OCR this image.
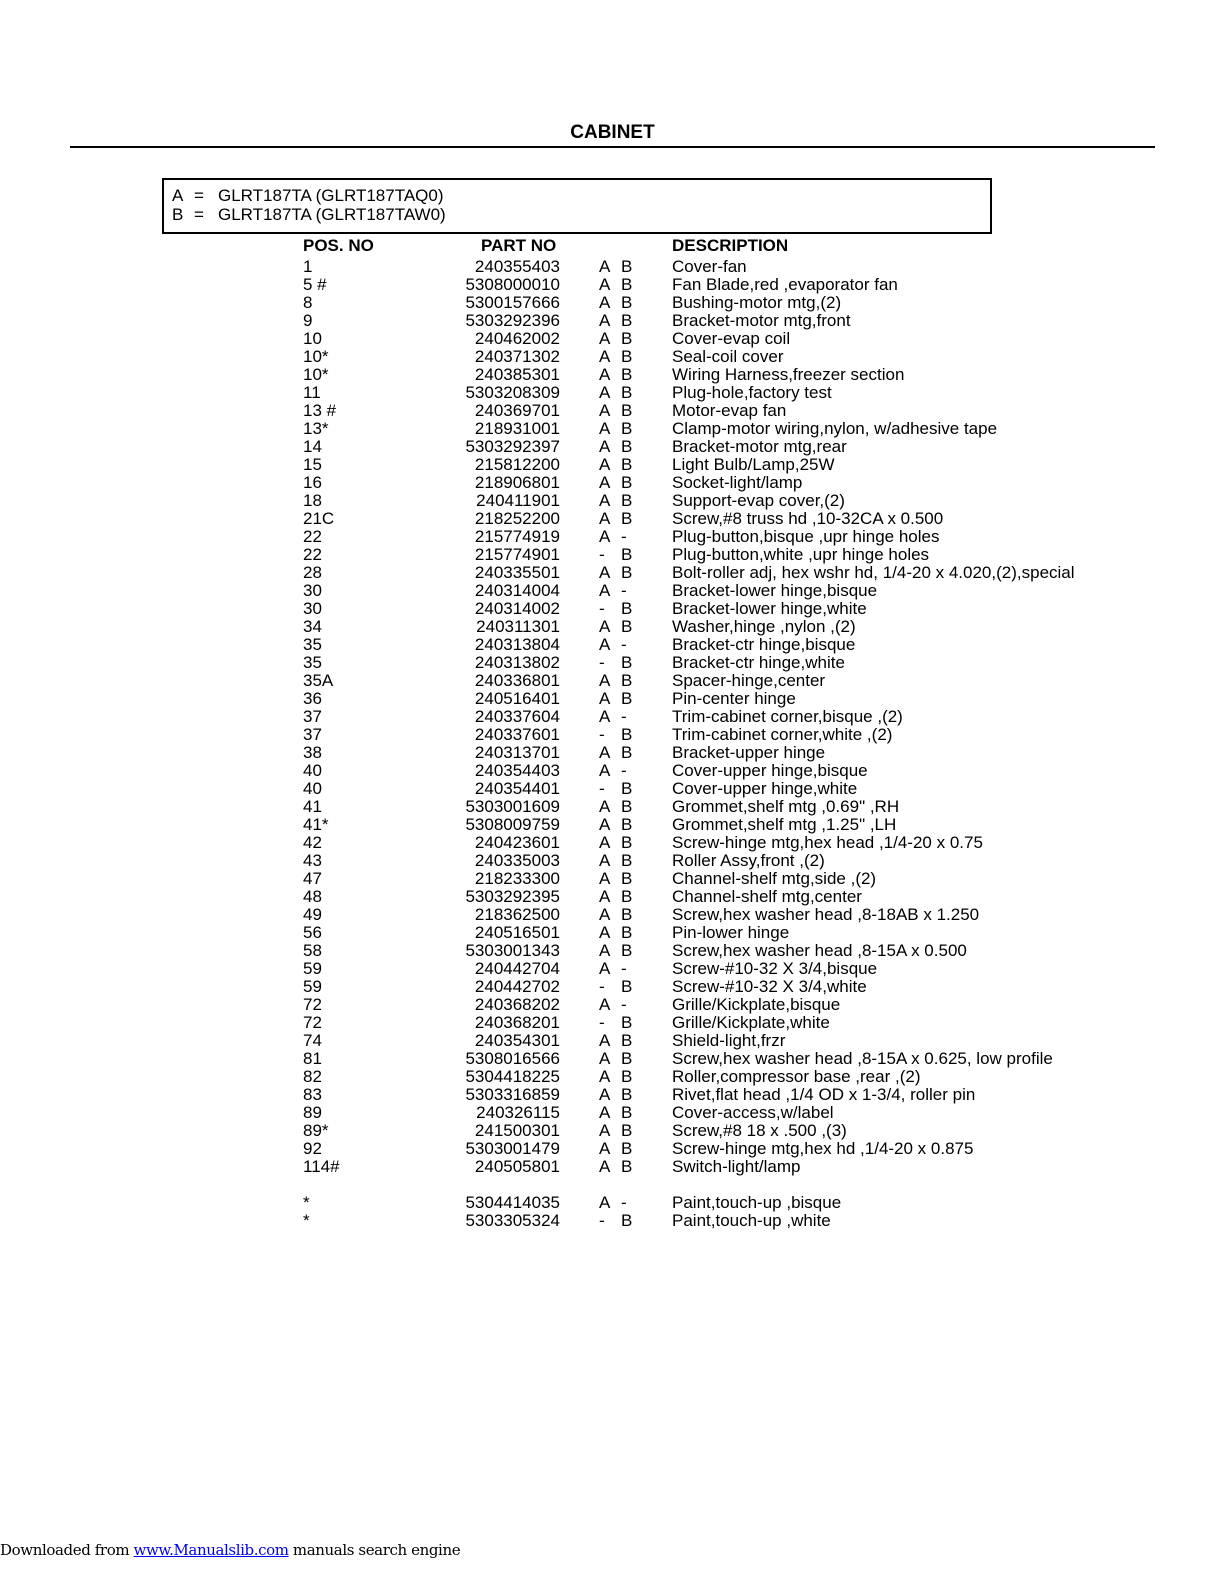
CABINET
A = GLRT187TA (GLRT187TAQ0)
B = GLRT187TA (GLRT187TAW0)
POS. NO	PART NO	DESCRIPTION
1	240355403 A B Cover-fan
5 #	5308000010 A B Fan Blade,red ,evaporator fan
8	5300157666 A B Bushing-motor mtg,(2)
9	5303292396 A B Bracket-motor mtg,front
10	240462002 A B Cover-evap coil
10*	240371302 A B Seal-coil cover
10*	240385301 A B Wiring Harness,freezer section
11	5303208309 A B Plug-hole,factory test
13 #	240369701 A B Motor-evap fan
13*	218931001 A B Clamp-motor wiring,nylon, w/adhesive tape
14	5303292397 A B Bracket-motor mtg,rear
15	215812200 A B Light Bulb/Lamp,25W
16	218906801 A B Socket-light/lamp
18	240411901 A B Support-evap cover,(2)
21C	218252200 A B Screw,#8 truss hd ,10-32CA x 0.500
22	215774919 A -	Plug-button,bisque ,upr hinge holes
22	215774901 - B Plug-button,white ,upr hinge holes
28	240335501 A B Bolt-roller adj, hex wshr hd, 1/4-20 x 4.020,(2),special
30	240314004 A -	Bracket-lower hinge,bisque
30	240314002 - B Bracket-lower hinge,white
34	240311301 A B Washer,hinge ,nylon ,(2)
35	240313804 A -	Bracket-ctr hinge,bisque
35	240313802 - B Bracket-ctr hinge,white
35A	240336801 A B Spacer-hinge,center
36	240516401 A B Pin-center hinge
37	240337604 A -	Trim-cabinet corner,bisque ,(2)
37	240337601 - B Trim-cabinet corner,white ,(2)
38	240313701 A B Bracket-upper hinge
40	240354403 A -	Cover-upper hinge,bisque
40	240354401 - B Cover-upper hinge,white
41	5303001609 A B Grommet,shelf mtg ,0.69" ,RH
41*	5308009759 A B Grommet,shelf mtg ,1.25" ,LH
42	240423601 A B Screw-hinge mtg,hex head ,1/4-20 x 0.75
43	240335003 A B Roller Assy,front ,(2)
47	218233300 A B Channel-shelf mtg,side ,(2)
48	5303292395 A B Channel-shelf mtg,center
49	218362500 A B Screw,hex washer head ,8-18AB x 1.250
56	240516501 A B Pin-lower hinge
58	5303001343 A B Screw,hex washer head ,8-15A x 0.500
59	240442704 A -	Screw-#10-32 X 3/4,bisque
59	240442702 - B Screw-#10-32 X 3/4,white
72	240368202 A -	Grille/Kickplate,bisque
72	240368201 - B Grille/Kickplate,white
74	240354301 A B Shield-light,frzr
81	5308016566 A B Screw,hex washer head ,8-15A x 0.625, low profile
82	5304418225 A B Roller,compressor base ,rear ,(2)
83	5303316859 A B Rivet,flat head ,1/4 OD x 1-3/4, roller pin
89	240326115 A B Cover-access,w/label
89*	241500301 A B Screw,#8 18 x .500 ,(3)
92	5303001479 A B Screw-hinge mtg,hex hd ,1/4-20 x 0.875
114#	240505801 A B Switch-light/lamp
*	5304414035 A -	Paint,touch-up ,bisque
*	5303305324 - B Paint,touch-up ,white
Downloaded from www.Manualslib.com manuals search engine
